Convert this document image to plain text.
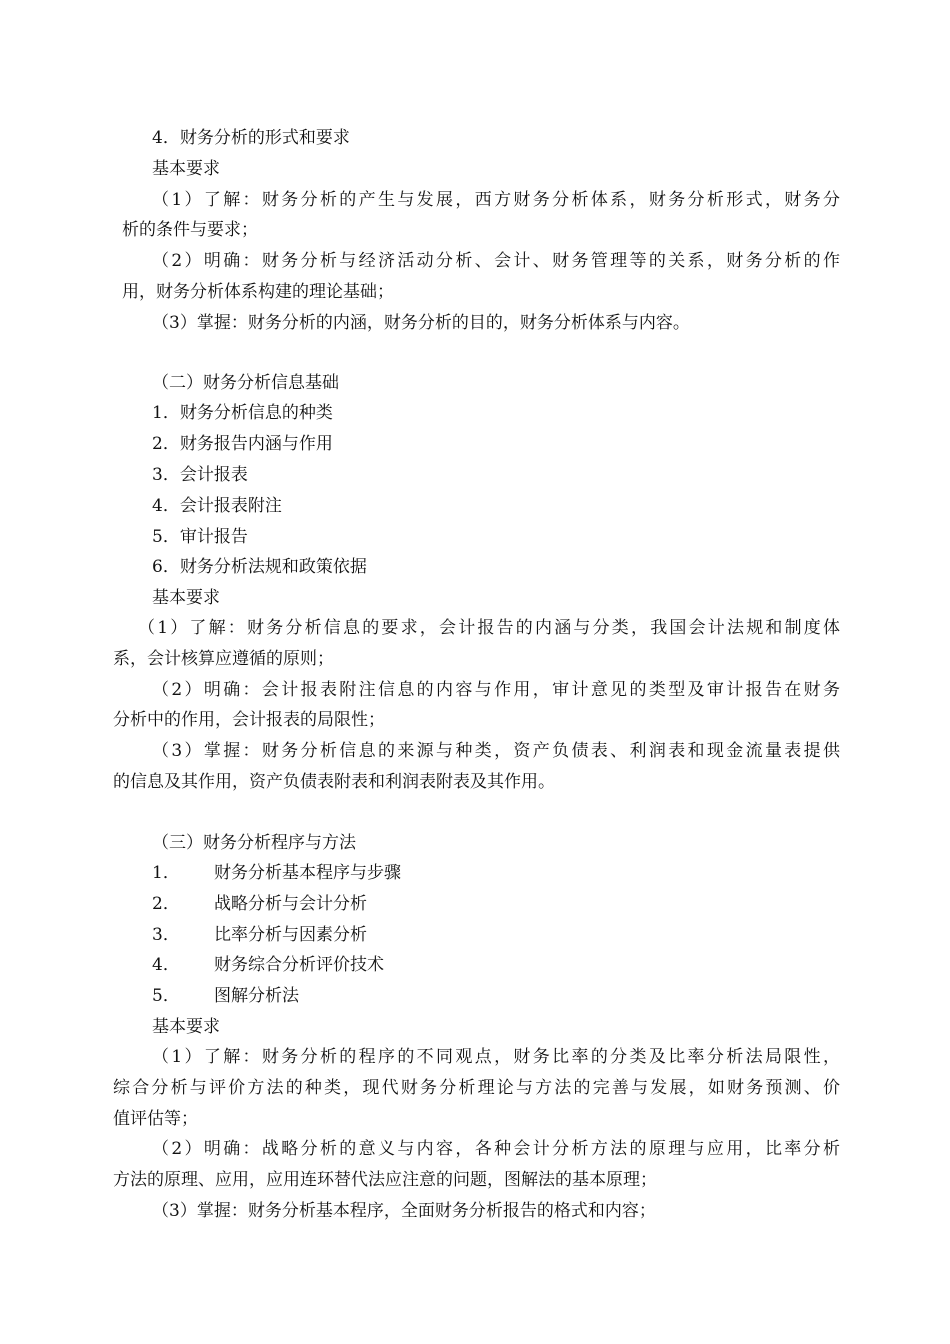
4．财务分析的形式和要求
基本要求
（1）了解：财务分析的产生与发展，西方财务分析体系，财务分析形式，财务分
析的条件与要求；
（2）明确：财务分析与经济活动分析、会计、财务管理等的关系，财务分析的作
用，财务分析体系构建的理论基础；
（3）掌握：财务分析的内涵，财务分析的目的，财务分析体系与内容。
（二）财务分析信息基础
1．财务分析信息的种类
2．财务报告内涵与作用
3．会计报表
4．会计报表附注
5．审计报告
6．财务分析法规和政策依据
基本要求
（1）了解：财务分析信息的要求，会计报告的内涵与分类，我国会计法规和制度体
系，会计核算应遵循的原则；
（2）明确：会计报表附注信息的内容与作用，审计意见的类型及审计报告在财务
分析中的作用，会计报表的局限性；
（3）掌握：财务分析信息的来源与种类，资产负债表、利润表和现金流量表提供
的信息及其作用，资产负债表附表和利润表附表及其作用。
（三）财务分析程序与方法
1． 财务分析基本程序与步骤
2． 战略分析与会计分析
3． 比率分析与因素分析
4． 财务综合分析评价技术
5． 图解分析法
基本要求
（1）了解：财务分析的程序的不同观点，财务比率的分类及比率分析法局限性，
综合分析与评价方法的种类，现代财务分析理论与方法的完善与发展，如财务预测、价
值评估等；
（2）明确：战略分析的意义与内容，各种会计分析方法的原理与应用，比率分析
方法的原理、应用，应用连环替代法应注意的问题，图解法的基本原理；
（3）掌握：财务分析基本程序，全面财务分析报告的格式和内容；
